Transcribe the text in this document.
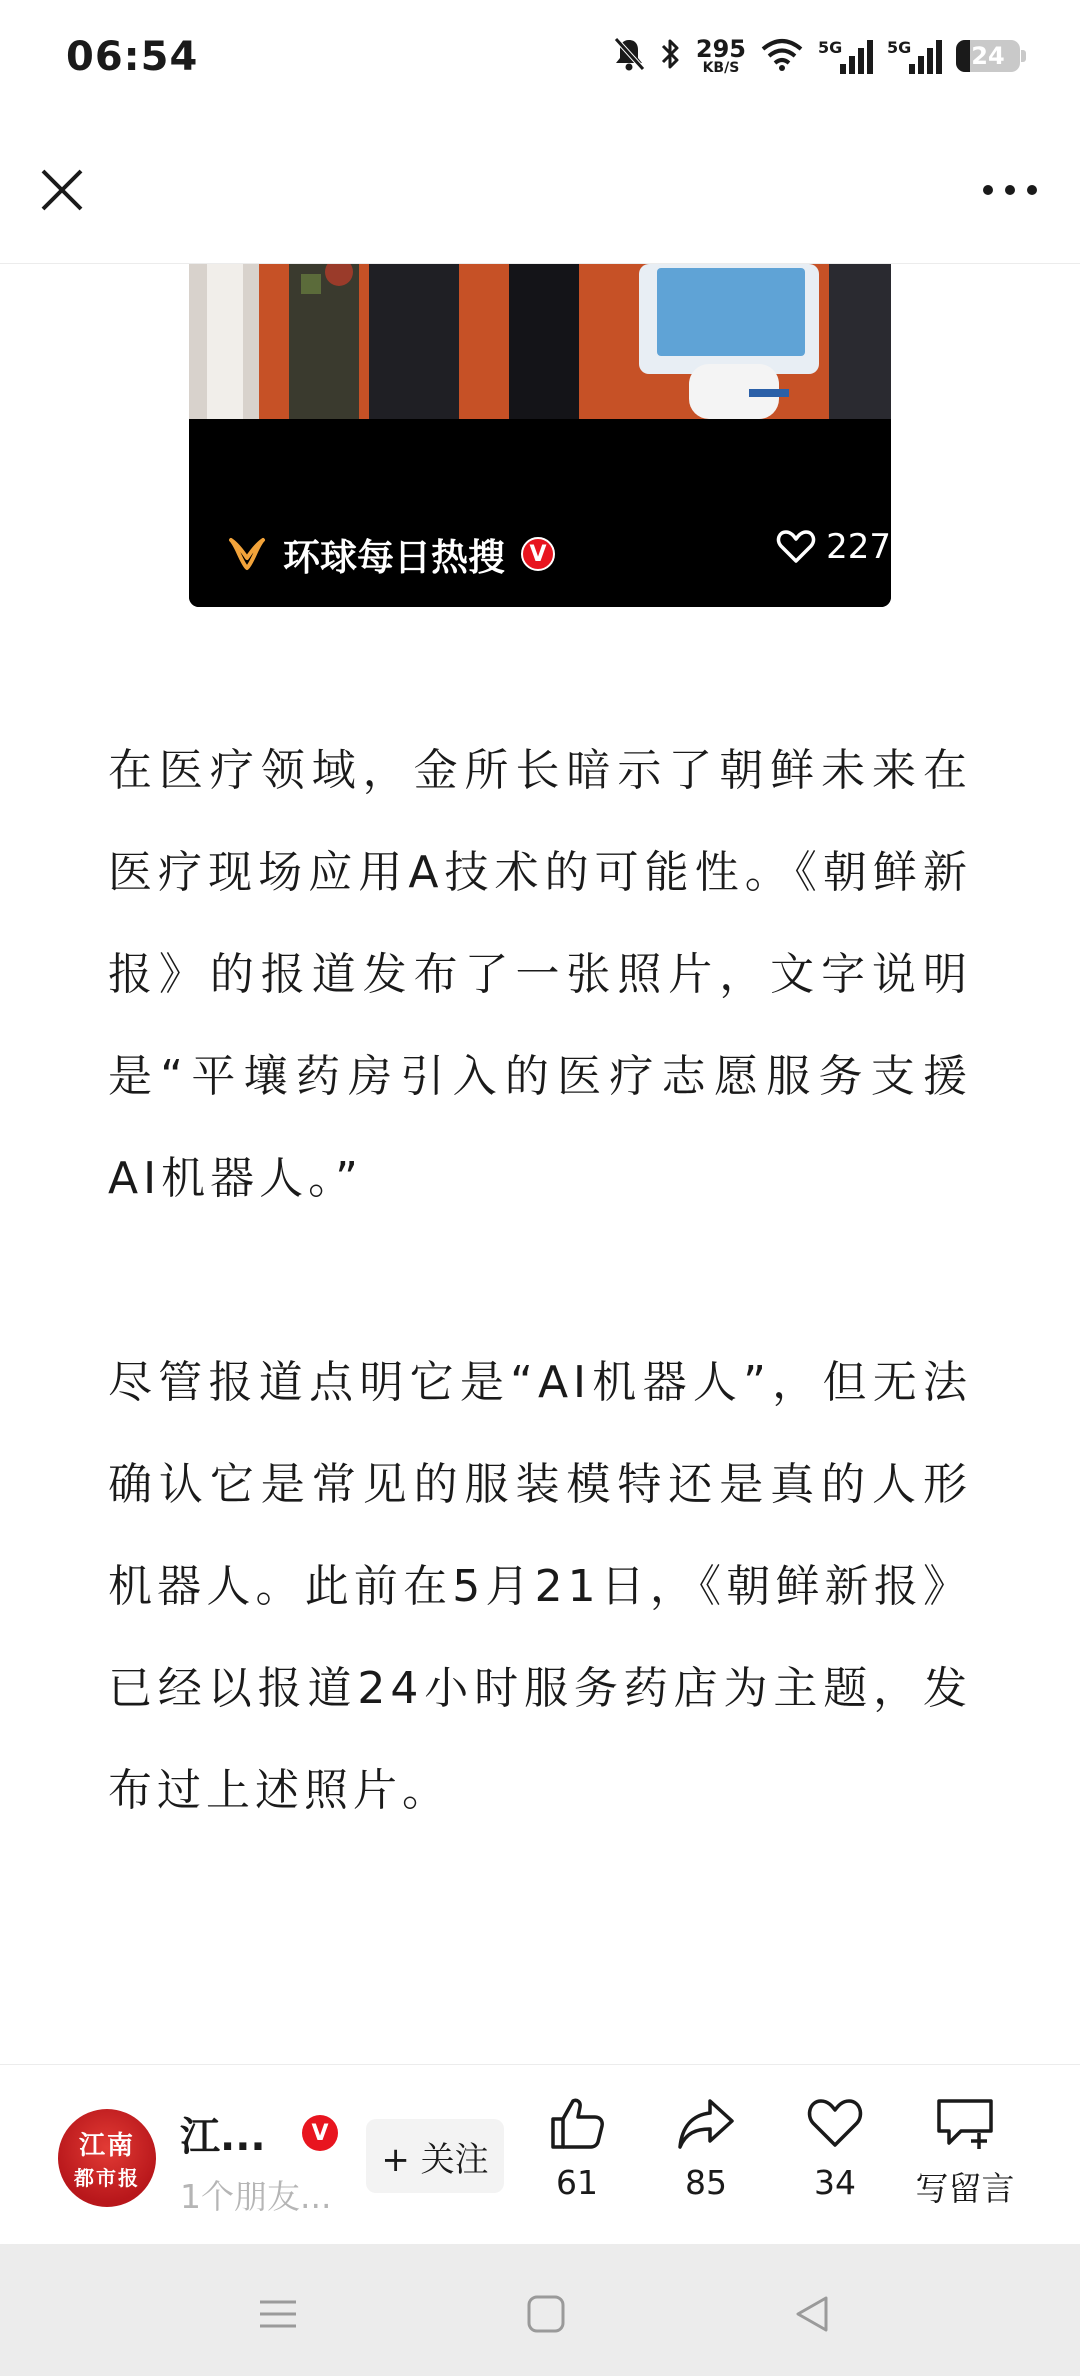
06:54	295
KB/S
5G	5G	24
环球每日热搜	V	227

在医疗领域，金所长暗示了朝鲜未来在医疗现场应用A技术的可能性。《朝鲜新报》的报道发布了一张照片，文字说明是“平壤药房引入的医疗志愿服务支援AI机器人。”

尽管报道点明它是“AI机器人”，但无法确认它是常见的服装模特还是真的人形机器人。此前在5月21日，《朝鲜新报》已经以报道24小时服务药店为主题，发布过上述照片。

江南
都市报
江...	V
1个朋友...
+ 关注
61	85	34 写留言
